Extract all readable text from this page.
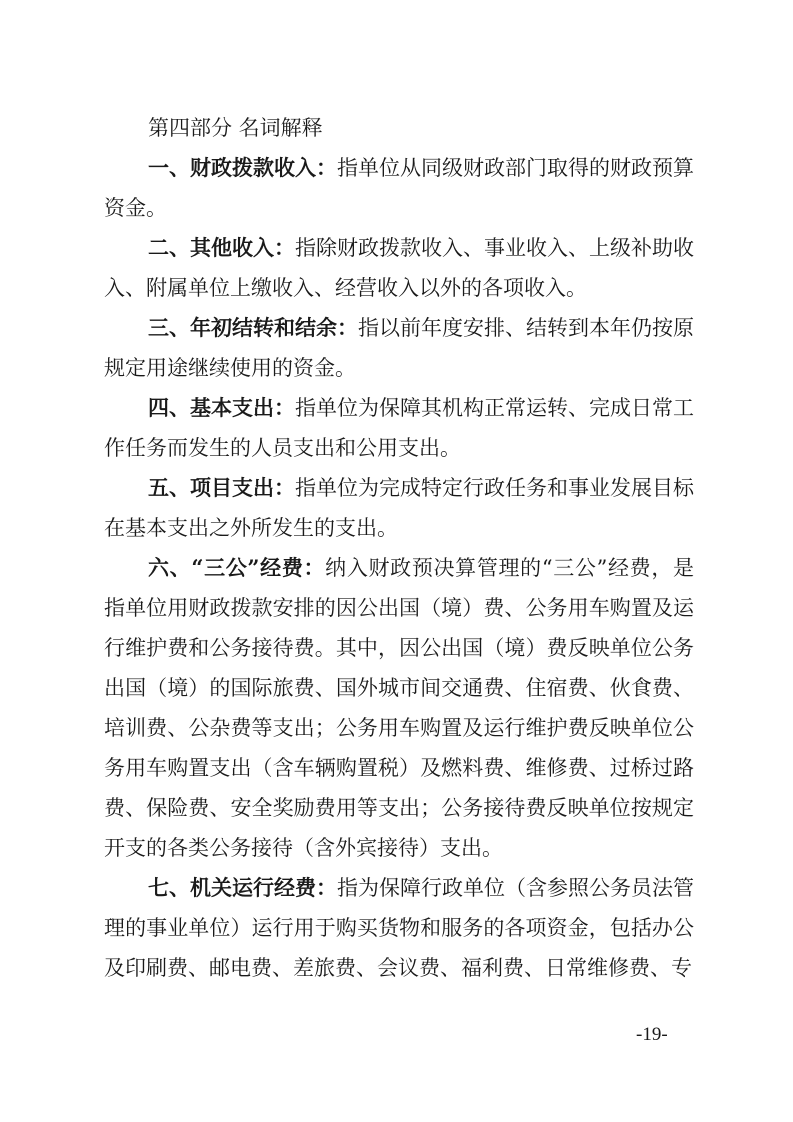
第四部分 名词解释
一、财政拨款收入：指单位从同级财政部门取得的财政预算资金。
二、其他收入：指除财政拨款收入、事业收入、上级补助收入、附属单位上缴收入、经营收入以外的各项收入。
三、年初结转和结余：指以前年度安排、结转到本年仍按原规定用途继续使用的资金。
四、基本支出：指单位为保障其机构正常运转、完成日常工作任务而发生的人员支出和公用支出。
五、项目支出：指单位为完成特定行政任务和事业发展目标在基本支出之外所发生的支出。
六、“三公”经费：纳入财政预决算管理的“三公”经费，是指单位用财政拨款安排的因公出国（境）费、公务用车购置及运行维护费和公务接待费。其中，因公出国（境）费反映单位公务出国（境）的国际旅费、国外城市间交通费、住宿费、伙食费、培训费、公杂费等支出；公务用车购置及运行维护费反映单位公务用车购置支出（含车辆购置税）及燃料费、维修费、过桥过路费、保险费、安全奖励费用等支出；公务接待费反映单位按规定开支的各类公务接待（含外宾接待）支出。
七、机关运行经费：指为保障行政单位（含参照公务员法管理的事业单位）运行用于购买货物和服务的各项资金，包括办公及印刷费、邮电费、差旅费、会议费、福利费、日常维修费、专
-19-
